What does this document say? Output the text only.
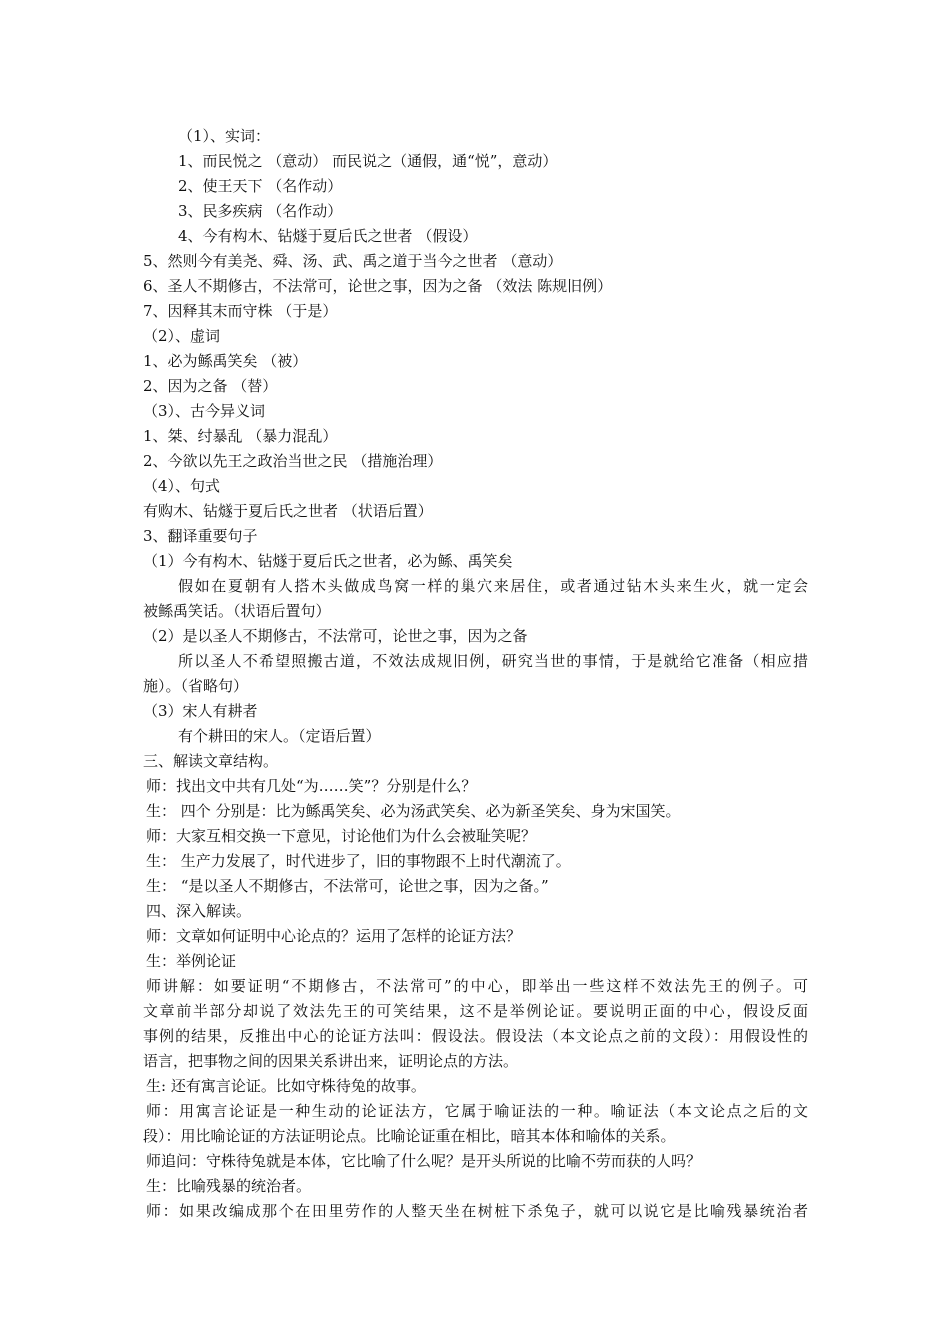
（1）、实词：
1、而民悦之 （意动） 而民说之（通假，通“悦”，意动）
2、使王天下 （名作动）
3、民多疾病 （名作动）
4、今有构木、钻燧于夏后氏之世者 （假设）
5、然则今有美尧、舜、汤、武、禹之道于当今之世者 （意动）
6、圣人不期修古，不法常可，论世之事，因为之备 （效法 陈规旧例）
7、因释其末而守株 （于是）
（2）、虚词
1、必为鲧禹笑矣 （被）
2、因为之备 （替）
（3）、古今异义词
1、桀、纣暴乱 （暴力混乱）
2、今欲以先王之政治当世之民 （措施治理）
（4）、句式
有购木、钻燧于夏后氏之世者 （状语后置）
3、翻译重要句子
（1）今有构木、钻燧于夏后氏之世者，必为鲧、禹笑矣
假如在夏朝有人搭木头做成鸟窝一样的巢穴来居住，或者通过钻木头来生火，就一定会
被鲧禹笑话。（状语后置句）
（2）是以圣人不期修古，不法常可，论世之事，因为之备
所以圣人不希望照搬古道，不效法成规旧例，研究当世的事情，于是就给它准备（相应措
施）。（省略句）
（3）宋人有耕者
有个耕田的宋人。（定语后置）
三、解读文章结构。
师：找出文中共有几处“为……笑”？分别是什么？
生： 四个 分别是：比为鲧禹笑矣、必为汤武笑矣、必为新圣笑矣、身为宋国笑。
师：大家互相交换一下意见，讨论他们为什么会被耻笑呢？
生： 生产力发展了，时代进步了，旧的事物跟不上时代潮流了。
生： “是以圣人不期修古，不法常可，论世之事，因为之备。”
四、深入解读。
师：文章如何证明中心论点的？运用了怎样的论证方法？
生：举例论证
师讲解：如要证明“不期修古，不法常可”的中心，即举出一些这样不效法先王的例子。可
文章前半部分却说了效法先王的可笑结果，这不是举例论证。要说明正面的中心，假设反面
事例的结果，反推出中心的论证方法叫：假设法。假设法（本文论点之前的文段）：用假设性的
语言，把事物之间的因果关系讲出来，证明论点的方法。
生: 还有寓言论证。比如守株待兔的故事。
师：用寓言论证是一种生动的论证法方，它属于喻证法的一种。喻证法（本文论点之后的文
段）：用比喻论证的方法证明论点。比喻论证重在相比，暗其本体和喻体的关系。
师追问：守株待兔就是本体，它比喻了什么呢？是开头所说的比喻不劳而获的人吗？
生：比喻残暴的统治者。
师：如果改编成那个在田里劳作的人整天坐在树桩下杀兔子，就可以说它是比喻残暴统治者
